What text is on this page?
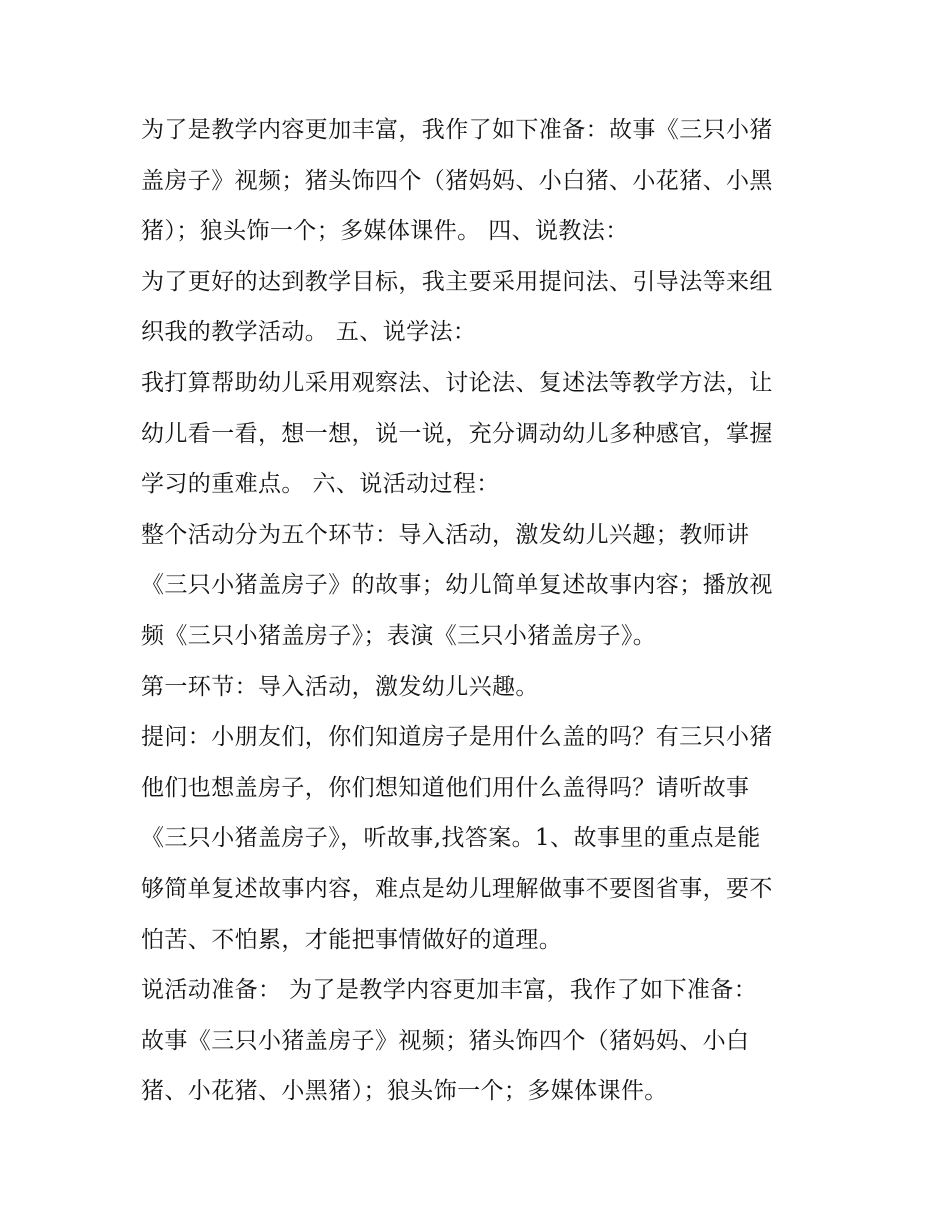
为了是教学内容更加丰富，我作了如下准备：故事《三只小猪
盖房子》视频；猪头饰四个（猪妈妈、小白猪、小花猪、小黑
猪）；狼头饰一个；多媒体课件。 四、说教法：
为了更好的达到教学目标，我主要采用提问法、引导法等来组
织我的教学活动。 五、说学法：
我打算帮助幼儿采用观察法、讨论法、复述法等教学方法，让
幼儿看一看，想一想，说一说，充分调动幼儿多种感官，掌握
学习的重难点。 六、说活动过程：
整个活动分为五个环节：导入活动，激发幼儿兴趣；教师讲
《三只小猪盖房子》的故事；幼儿简单复述故事内容；播放视
频《三只小猪盖房子》；表演《三只小猪盖房子》。
第一环节：导入活动，激发幼儿兴趣。
提问：小朋友们，你们知道房子是用什么盖的吗？有三只小猪
他们也想盖房子，你们想知道他们用什么盖得吗？请听故事
《三只小猪盖房子》，听故事,找答案。1、故事里的重点是能
够简单复述故事内容，难点是幼儿理解做事不要图省事，要不
怕苦、不怕累，才能把事情做好的道理。
说活动准备： 为了是教学内容更加丰富，我作了如下准备：
故事《三只小猪盖房子》视频；猪头饰四个（猪妈妈、小白
猪、小花猪、小黑猪）；狼头饰一个；多媒体课件。
